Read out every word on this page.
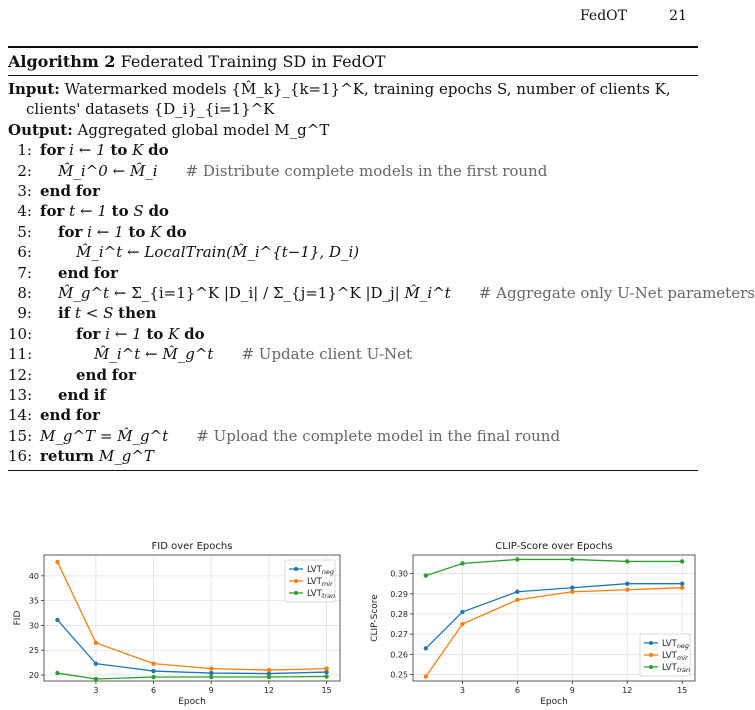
FedOT	21
Algorithm 2 Federated Training SD in FedOT
Input: Watermarked models {M̂_k}_{k=1}^K, training epochs S, number of clients K, clients' datasets {D_i}_{i=1}^K
Output: Aggregated global model M_g^T
1: for i ← 1 to K do
2: M̂_i^0 ← M̂_i # Distribute complete models in the first round
3: end for
4: for t ← 1 to S do
5: for i ← 1 to K do
6:	M̂_i^t ← LocalTrain(M̂_i^{t−1}, D_i)
7: end for
8: M̂_g^t ← Σ_{i=1}^K |D_i| / Σ_{j=1}^K |D_j| M̂_i^t # Aggregate only U-Net parameters
9: if t < S then
10:	for i ← 1 to K do
11:	M̂_i^t ← M̂_g^t # Update client U-Net
12:	end for
13: end if
14: end for
15: M_g^T = M̂_g^t # Upload the complete model in the final round
16: return M_g^T
FID over Epochs
3	6	9	12	15
20
25
30
35
40
Epoch
FID
$LVT_{neg}$
$LVT_{mir}$
$LVT_{tran}$
CLIP-Score over Epochs
3	6	9	12	15
0.25
0.26
0.27
0.28
0.29
0.30
Epoch
CLIP-Score
$LVT_{neg}$
$LVT_{mir}$
$LVT_{tran}$
